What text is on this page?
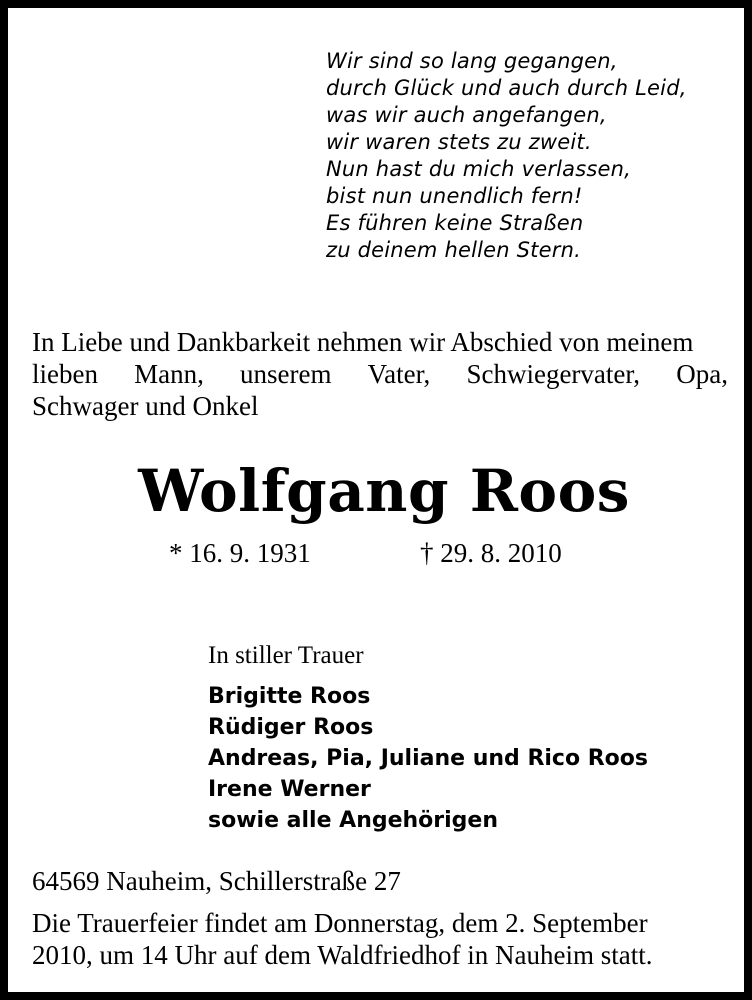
Wir sind so lang gegangen,
durch Glück und auch durch Leid,
was wir auch angefangen,
wir waren stets zu zweit.
Nun hast du mich verlassen,
bist nun unendlich fern!
Es führen keine Straßen
zu deinem hellen Stern.
In Liebe und Dankbarkeit nehmen wir Abschied von meinem
lieben Mann, unserem Vater, Schwiegervater, Opa,
Schwager und Onkel
Wolfgang Roos
* 16. 9. 1931	† 29. 8. 2010
In stiller Trauer
Brigitte Roos
Rüdiger Roos
Andreas, Pia, Juliane und Rico Roos
Irene Werner
sowie alle Angehörigen
64569 Nauheim, Schillerstraße 27
Die Trauerfeier findet am Donnerstag, dem 2. September
2010, um 14 Uhr auf dem Waldfriedhof in Nauheim statt.
